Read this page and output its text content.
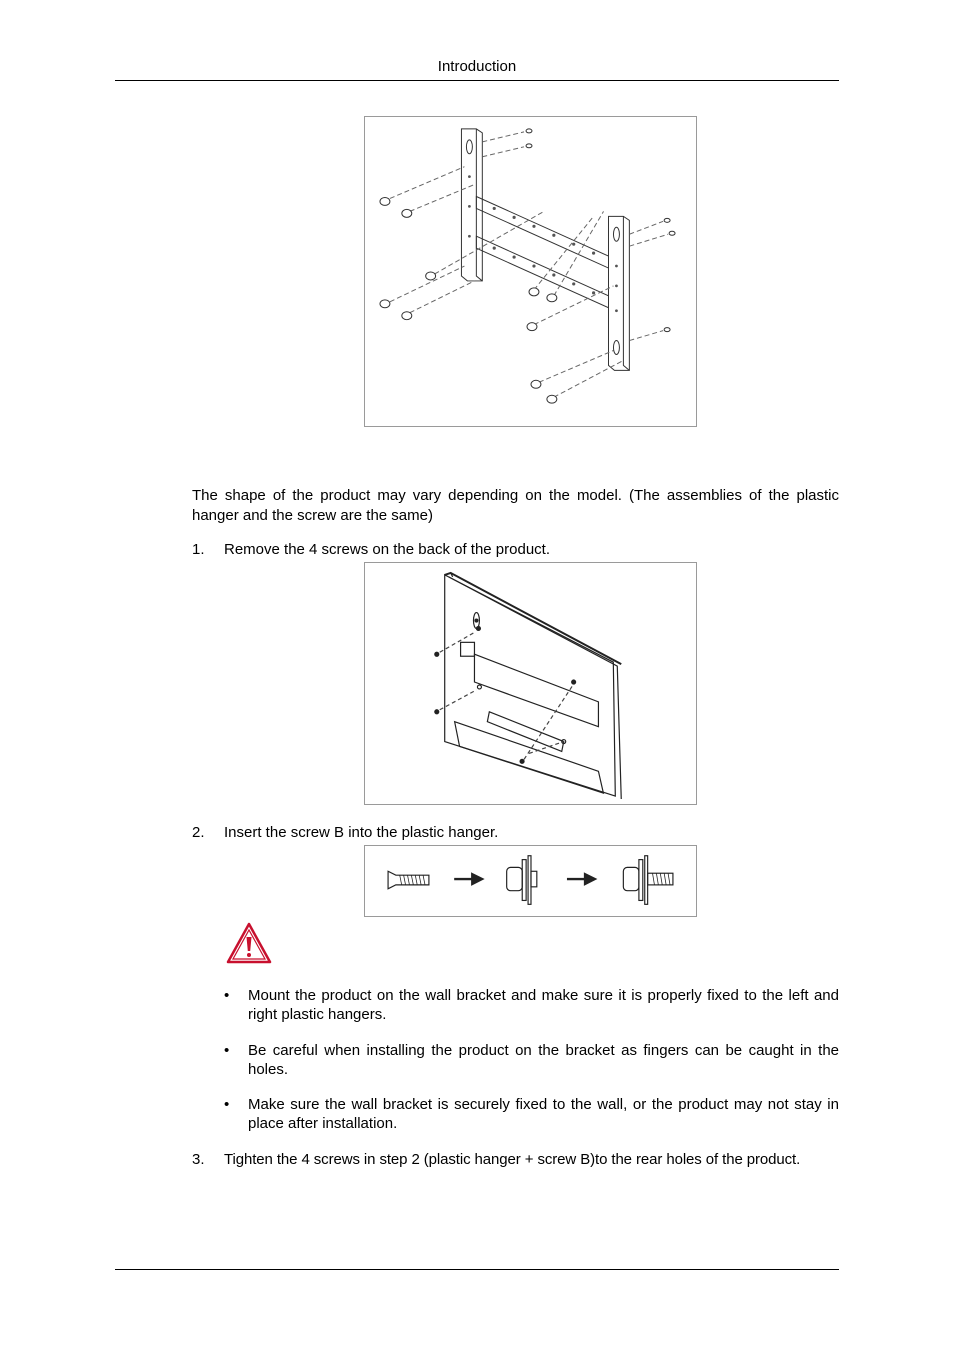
Introduction
The shape of the product may vary depending on the model. (The assemblies of the plastic hanger and the screw are the same)
1. Remove the 4 screws on the back of the product.
2. Insert the screw B into the plastic hanger.
• Mount the product on the wall bracket and make sure it is properly fixed to the left and right plastic hangers.
• Be careful when installing the product on the bracket as fingers can be caught in the holes.
• Make sure the wall bracket is securely fixed to the wall, or the product may not stay in place after installation.
3. Tighten the 4 screws in step 2 (plastic hanger + screw B)to the rear holes of the product.
